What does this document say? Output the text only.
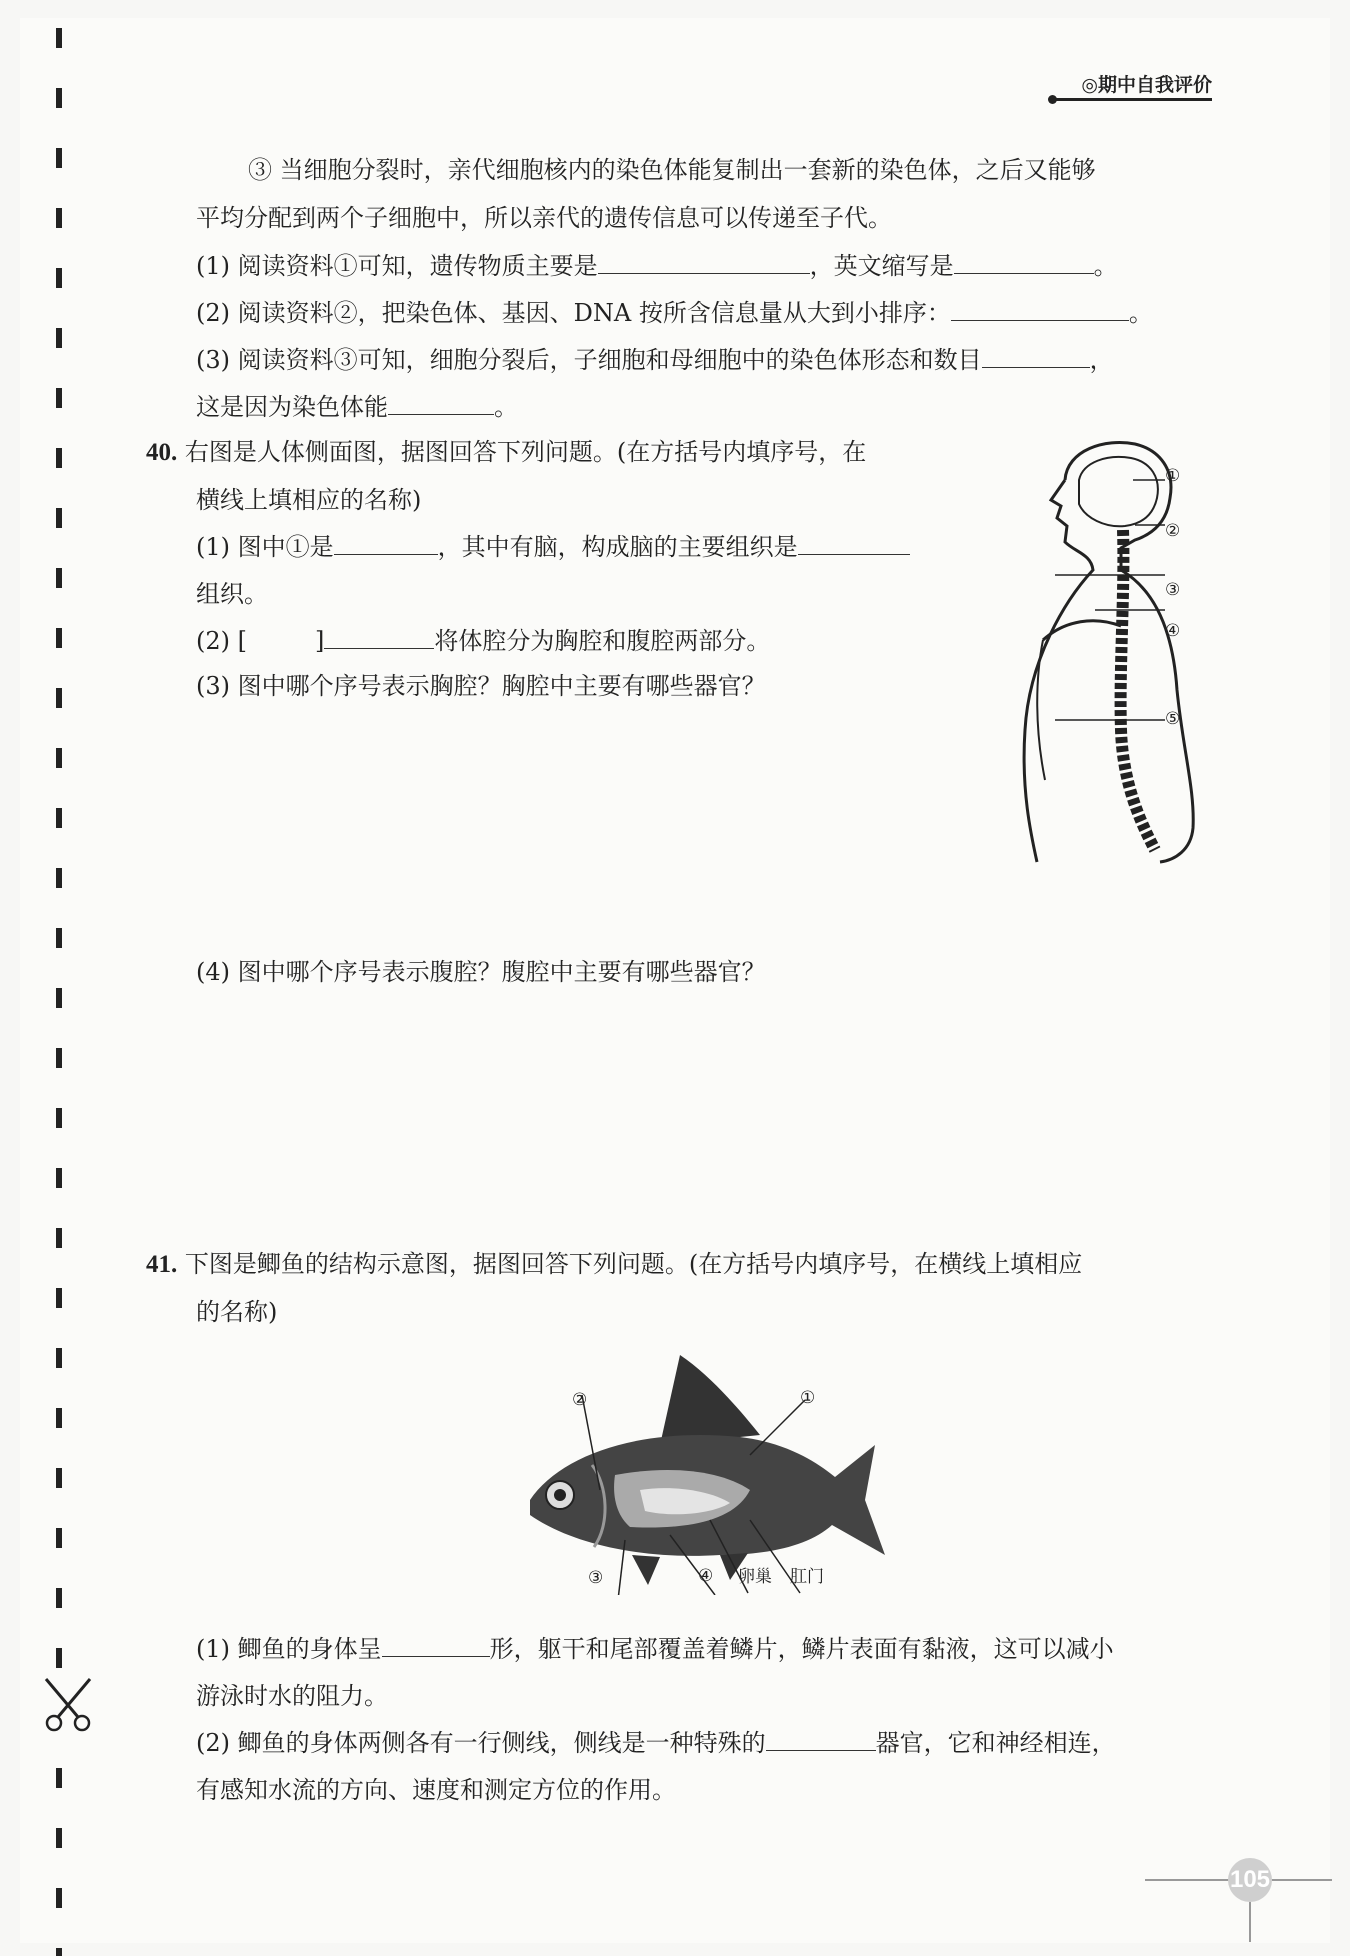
◎期中自我评价
③ 当细胞分裂时，亲代细胞核内的染色体能复制出一套新的染色体，之后又能够
平均分配到两个子细胞中，所以亲代的遗传信息可以传递至子代。
(1) 阅读资料①可知，遗传物质主要是	，英文缩写是	。
(2) 阅读资料②，把染色体、基因、DNA 按所含信息量从大到小排序：	。
(3) 阅读资料③可知，细胞分裂后，子细胞和母细胞中的染色体形态和数目	，
这是因为染色体能	。
40. 右图是人体侧面图，据图回答下列问题。(在方括号内填序号，在
横线上填相应的名称)
(1) 图中①是	，其中有脑，构成脑的主要组织是
组织。
(2) [	]	将体腔分为胸腔和腹腔两部分。
(3) 图中哪个序号表示胸腔？胸腔中主要有哪些器官？
(4) 图中哪个序号表示腹腔？腹腔中主要有哪些器官？
①
②
③
④
⑤
41. 下图是鲫鱼的结构示意图，据图回答下列问题。(在方括号内填序号，在横线上填相应
的名称)
②	①
③	④ 卵巢 肛门
(1) 鲫鱼的身体呈	形，躯干和尾部覆盖着鳞片，鳞片表面有黏液，这可以减小
游泳时水的阻力。
(2) 鲫鱼的身体两侧各有一行侧线，侧线是一种特殊的	器官，它和神经相连，
有感知水流的方向、速度和测定方位的作用。
105
